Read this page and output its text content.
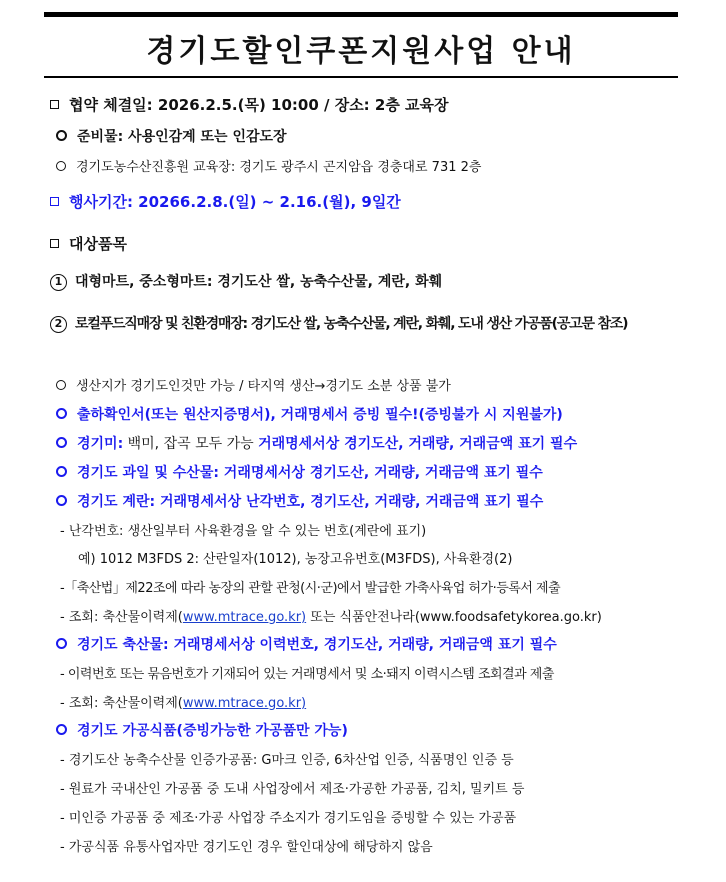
경기도할인쿠폰지원사업 안내
협약 체결일: 2026.2.5.(목) 10:00 / 장소: 2층 교육장
준비물: 사용인감계 또는 인감도장
경기도농수산진흥원 교육장: 경기도 광주시 곤지암읍 경충대로 731 2층
행사기간: 20266.2.8.(일) ~ 2.16.(월), 9일간
대상품목
1 대형마트, 중소형마트: 경기도산 쌀, 농축수산물, 계란, 화훼
2 로컬푸드직매장 및 친환경매장: 경기도산 쌀, 농축수산물, 계란, 화훼, 도내 생산 가공품(공고문 참조)
생산지가 경기도인것만 가능 / 타지역 생산→경기도 소분 상품 불가
출하확인서(또는 원산지증명서), 거래명세서 증빙 필수!(증빙불가 시 지원불가)
경기미: 백미, 잡곡 모두 가능 거래명세서상 경기도산, 거래량, 거래금액 표기 필수
경기도 과일 및 수산물: 거래명세서상 경기도산, 거래량, 거래금액 표기 필수
경기도 계란: 거래명세서상 난각번호, 경기도산, 거래량, 거래금액 표기 필수
- 난각번호: 생산일부터 사육환경을 알 수 있는 번호(계란에 표기)
예) 1012 M3FDS 2: 산란일자(1012), 농장고유번호(M3FDS), 사육환경(2)
-「축산법」제22조에 따라 농장의 관할 관청(시·군)에서 발급한 가축사육업 허가·등록서 제출
- 조회: 축산물이력제(www.mtrace.go.kr) 또는 식품안전나라(www.foodsafetykorea.go.kr)
경기도 축산물: 거래명세서상 이력번호, 경기도산, 거래량, 거래금액 표기 필수
- 이력번호 또는 묶음번호가 기재되어 있는 거래명세서 및 소·돼지 이력시스템 조회결과 제출
- 조회: 축산물이력제(www.mtrace.go.kr)
경기도 가공식품(증빙가능한 가공품만 가능)
- 경기도산 농축수산물 인증가공품: G마크 인증, 6차산업 인증, 식품명인 인증 등
- 원료가 국내산인 가공품 중 도내 사업장에서 제조·가공한 가공품, 김치, 밀키트 등
- 미인증 가공품 중 제조·가공 사업장 주소지가 경기도임을 증빙할 수 있는 가공품
- 가공식품 유통사업자만 경기도인 경우 할인대상에 해당하지 않음
